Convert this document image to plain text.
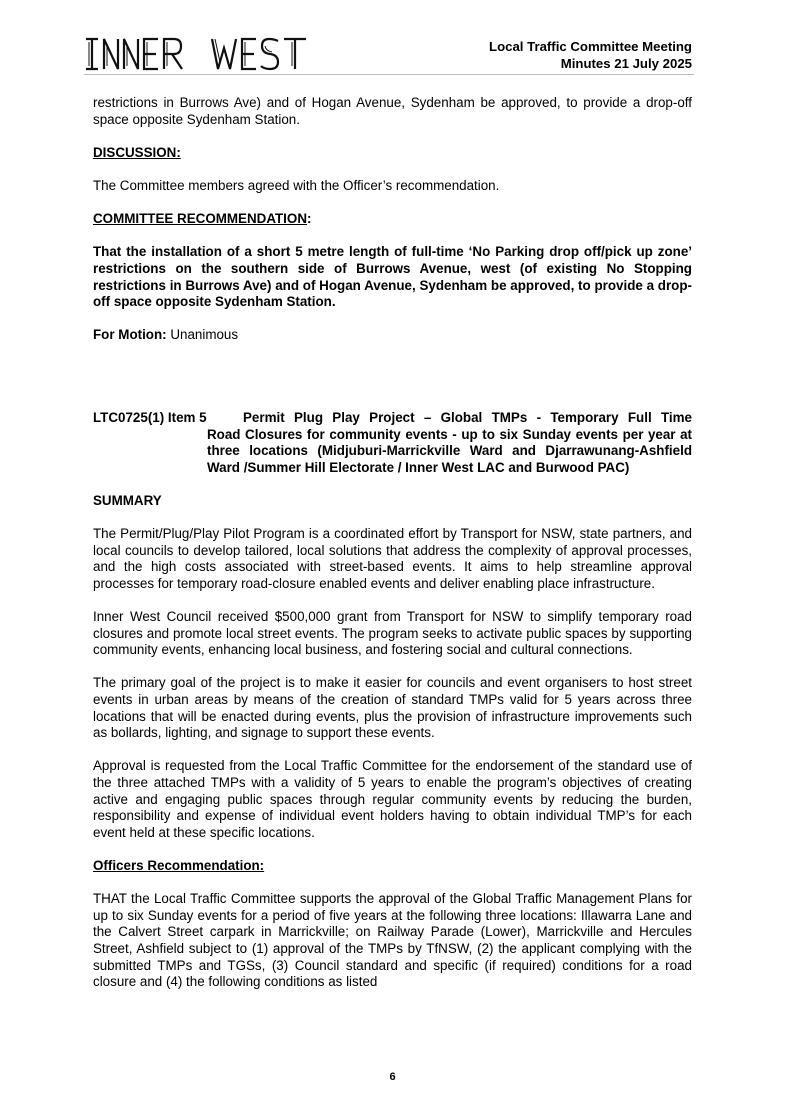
Local Traffic Committee Meeting
Minutes 21 July 2025

restrictions in Burrows Ave) and of Hogan Avenue, Sydenham be approved, to provide a drop-off space opposite Sydenham Station.

DISCUSSION:

The Committee members agreed with the Officer’s recommendation.

COMMITTEE RECOMMENDATION:

That the installation of a short 5 metre length of full-time ‘No Parking drop off/pick up zone’ restrictions on the southern side of Burrows Avenue, west (of existing No Stopping restrictions in Burrows Ave) and of Hogan Avenue, Sydenham be approved, to provide a drop-off space opposite Sydenham Station.

For Motion: Unanimous

LTC0725(1) Item 5	Permit Plug Play Project – Global TMPs - Temporary Full Time

Road Closures for community events - up to six Sunday events per year at three locations (Midjuburi-Marrickville Ward and Djarrawunang-Ashfield Ward /Summer Hill Electorate / Inner West LAC and Burwood PAC)

SUMMARY

The Permit/Plug/Play Pilot Program is a coordinated effort by Transport for NSW, state partners, and local councils to develop tailored, local solutions that address the complexity of approval processes, and the high costs associated with street-based events. It aims to help streamline approval processes for temporary road-closure enabled events and deliver enabling place infrastructure.

Inner West Council received $500,000 grant from Transport for NSW to simplify temporary road closures and promote local street events. The program seeks to activate public spaces by supporting community events, enhancing local business, and fostering social and cultural connections.

The primary goal of the project is to make it easier for councils and event organisers to host street events in urban areas by means of the creation of standard TMPs valid for 5 years across three locations that will be enacted during events, plus the provision of infrastructure improvements such as bollards, lighting, and signage to support these events.

Approval is requested from the Local Traffic Committee for the endorsement of the standard use of the three attached TMPs with a validity of 5 years to enable the program’s objectives of creating active and engaging public spaces through regular community events by reducing the burden, responsibility and expense of individual event holders having to obtain individual TMP’s for each event held at these specific locations.

Officers Recommendation:

THAT the Local Traffic Committee supports the approval of the Global Traffic Management Plans for up to six Sunday events for a period of five years at the following three locations: Illawarra Lane and the Calvert Street carpark in Marrickville; on Railway Parade (Lower), Marrickville and Hercules Street, Ashfield subject to (1) approval of the TMPs by TfNSW, (2) the applicant complying with the submitted TMPs and TGSs, (3) Council standard and specific (if required) conditions for a road closure and (4) the following conditions as listed

6
